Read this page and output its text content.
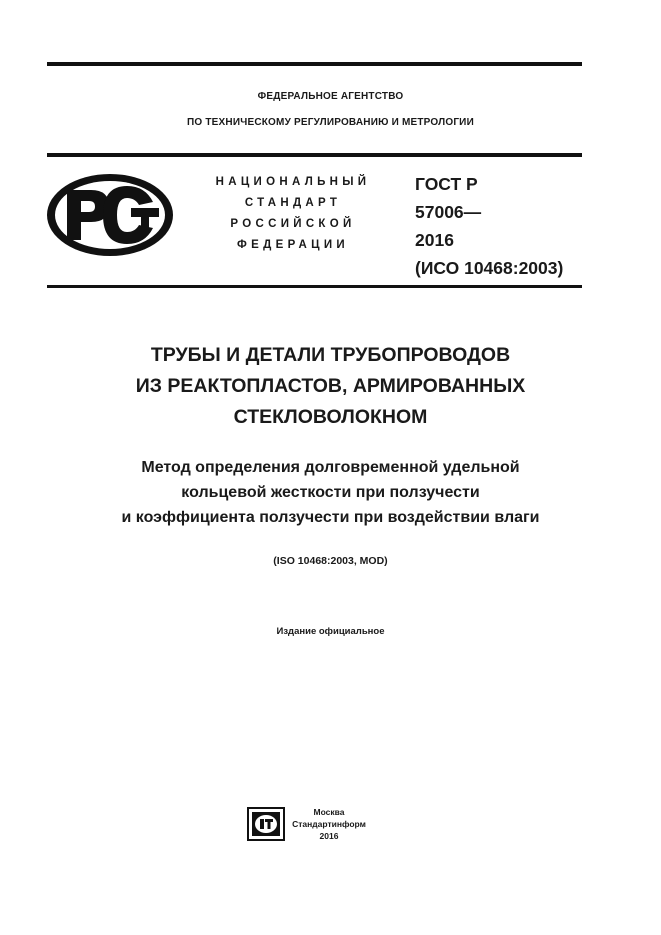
ФЕДЕРАЛЬНОЕ АГЕНТСТВО
ПО ТЕХНИЧЕСКОМУ РЕГУЛИРОВАНИЮ И МЕТРОЛОГИИ
НАЦИОНАЛЬНЫЙ
СТАНДАРТ
РОССИЙСКОЙ
ФЕДЕРАЦИИ
ГОСТ Р
57006—
2016
(ИСО 10468:2003)
ТРУБЫ И ДЕТАЛИ ТРУБОПРОВОДОВ
ИЗ РЕАКТОПЛАСТОВ, АРМИРОВАННЫХ
СТЕКЛОВОЛОКНОМ
Метод определения долговременной удельной
кольцевой жесткости при ползучести
и коэффициента ползучести при воздействии влаги
(ISO 10468:2003, MOD)
Издание официальное
Москва
Стандартинформ
2016
